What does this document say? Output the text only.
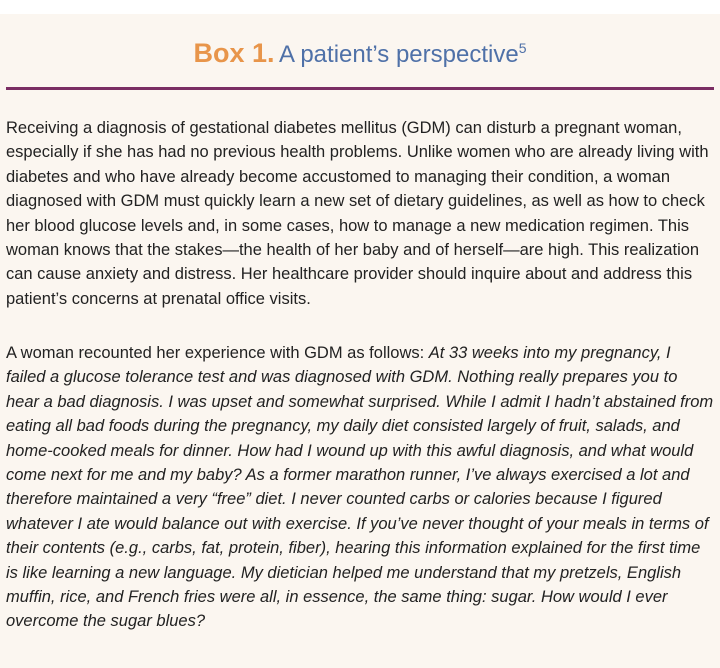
Box 1. A patient’s perspective$^5$

Receiving a diagnosis of gestational diabetes mellitus (GDM) can disturb a pregnant woman, especially if she has had no previous health problems. Unlike women who are already living with diabetes and who have already become accustomed to managing their condition, a woman diagnosed with GDM must quickly learn a new set of dietary guidelines, as well as how to check her blood glucose levels and, in some cases, how to manage a new medication regimen. This woman knows that the stakes—the health of her baby and of herself—are high. This realization can cause anxiety and distress. Her healthcare provider should inquire about and address this patient’s concerns at prenatal office visits.

A woman recounted her experience with GDM as follows: At 33 weeks into my pregnancy, I failed a glucose tolerance test and was diagnosed with GDM. Nothing really prepares you to hear a bad diagnosis. I was upset and somewhat surprised. While I admit I hadn’t abstained from eating all bad foods during the pregnancy, my daily diet consisted largely of fruit, salads, and home-cooked meals for dinner. How had I wound up with this awful diagnosis, and what would come next for me and my baby? As a former marathon runner, I’ve always exercised a lot and therefore maintained a very “free” diet. I never counted carbs or calories because I figured whatever I ate would balance out with exercise. If you’ve never thought of your meals in terms of their contents (e.g., carbs, fat, protein, fiber), hearing this information explained for the first time is like learning a new language. My dietician helped me understand that my pretzels, English muffin, rice, and French fries were all, in essence, the same thing: sugar. How would I ever overcome the sugar blues?
